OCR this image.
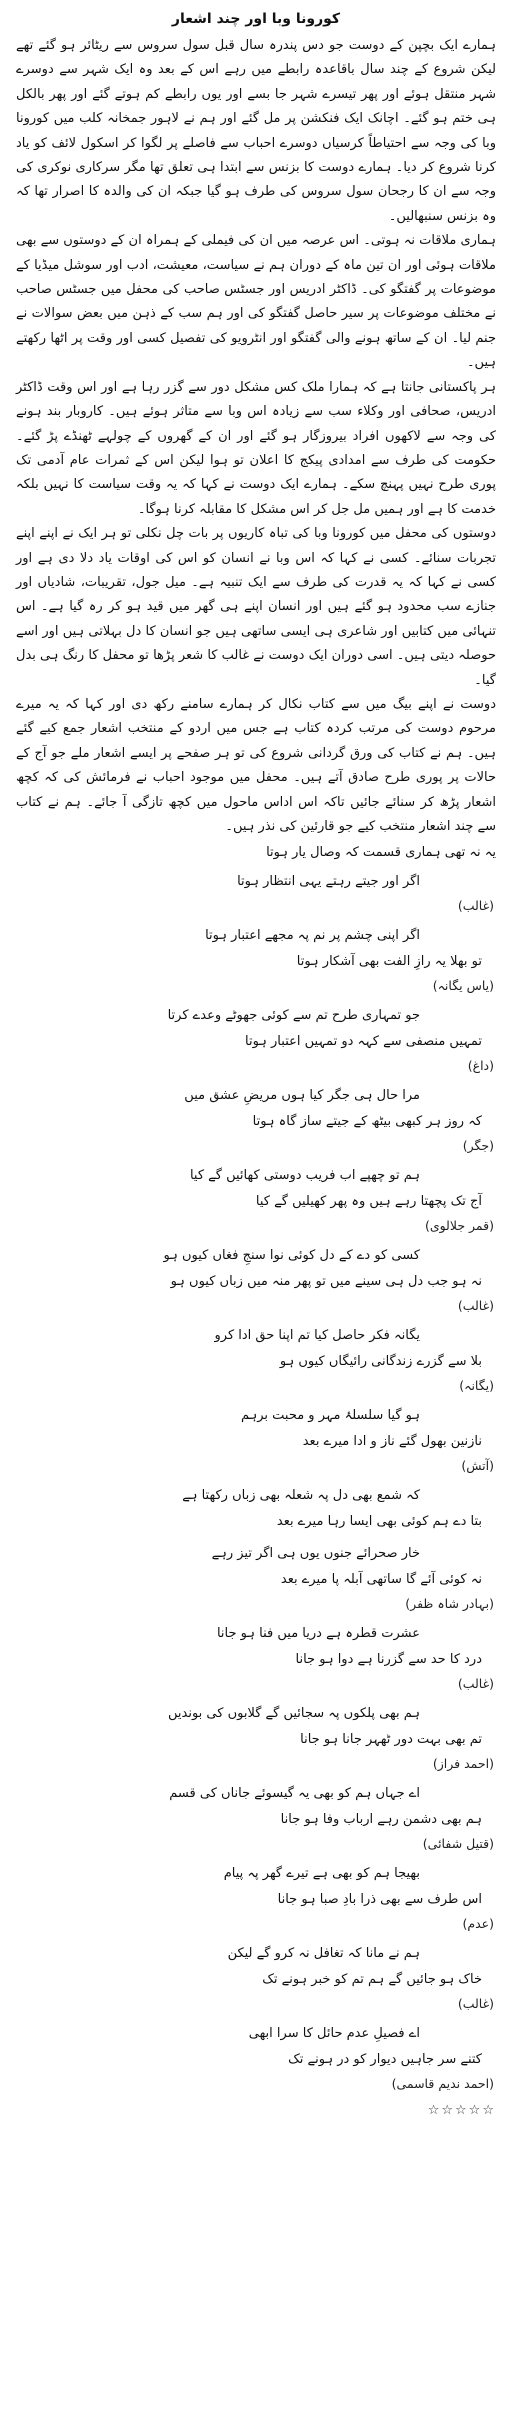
کورونا وبا اور چند اشعار

ہمارے ایک بچپن کے دوست جو دس پندرہ سال قبل سول سروس سے ریٹائر ہو گئے تھے لیکن شروع کے چند سال باقاعدہ رابطے میں رہے اس کے بعد وہ ایک شہر سے دوسرے شہر منتقل ہوئے اور پھر تیسرے شہر جا بسے اور یوں رابطے کم ہوتے گئے اور پھر بالکل ہی ختم ہو گئے۔ اچانک ایک فنکشن پر مل گئے اور ہم نے لاہور جمخانہ کلب میں کورونا وبا کی وجہ سے احتیاطاً کرسیاں دوسرے احباب سے فاصلے پر لگوا کر اسکول لائف کو یاد کرنا شروع کر دیا۔ ہمارے دوست کا بزنس سے ابتدا ہی تعلق تھا مگر سرکاری نوکری کی وجہ سے ان کا رجحان سول سروس کی طرف ہو گیا جبکہ ان کی والدہ کا اصرار تھا کہ وہ بزنس سنبھالیں۔

ہماری ملاقات نہ ہوتی۔ اس عرصہ میں ان کی فیملی کے ہمراہ ان کے دوستوں سے بھی ملاقات ہوئی اور ان تین ماہ کے دوران ہم نے سیاست، معیشت، ادب اور سوشل میڈیا کے موضوعات پر گفتگو کی۔ ڈاکٹر ادریس اور جسٹس صاحب کی محفل میں جسٹس صاحب نے مختلف موضوعات پر سیر حاصل گفتگو کی اور ہم سب کے ذہن میں بعض سوالات نے جنم لیا۔ ان کے ساتھ ہونے والی گفتگو اور انٹرویو کی تفصیل کسی اور وقت پر اٹھا رکھتے ہیں۔

ہر پاکستانی جانتا ہے کہ ہمارا ملک کس مشکل دور سے گزر رہا ہے اور اس وقت ڈاکٹر ادریس، صحافی اور وکلاء سب سے زیادہ اس وبا سے متاثر ہوئے ہیں۔ کاروبار بند ہونے کی وجہ سے لاکھوں افراد بیروزگار ہو گئے اور ان کے گھروں کے چولہے ٹھنڈے پڑ گئے۔ حکومت کی طرف سے امدادی پیکج کا اعلان تو ہوا لیکن اس کے ثمرات عام آدمی تک پوری طرح نہیں پہنچ سکے۔ ہمارے ایک دوست نے کہا کہ یہ وقت سیاست کا نہیں بلکہ خدمت کا ہے اور ہمیں مل جل کر اس مشکل کا مقابلہ کرنا ہوگا۔

دوستوں کی محفل میں کورونا وبا کی تباہ کاریوں پر بات چل نکلی تو ہر ایک نے اپنے اپنے تجربات سنائے۔ کسی نے کہا کہ اس وبا نے انسان کو اس کی اوقات یاد دلا دی ہے اور کسی نے کہا کہ یہ قدرت کی طرف سے ایک تنبیہ ہے۔ میل جول، تقریبات، شادیاں اور جنازے سب محدود ہو گئے ہیں اور انسان اپنے ہی گھر میں قید ہو کر رہ گیا ہے۔ اس تنہائی میں کتابیں اور شاعری ہی ایسی ساتھی ہیں جو انسان کا دل بہلاتی ہیں اور اسے حوصلہ دیتی ہیں۔ اسی دوران ایک دوست نے غالب کا شعر پڑھا تو محفل کا رنگ ہی بدل گیا۔

دوست نے اپنے بیگ میں سے کتاب نکال کر ہمارے سامنے رکھ دی اور کہا کہ یہ میرے مرحوم دوست کی مرتب کردہ کتاب ہے جس میں اردو کے منتخب اشعار جمع کیے گئے ہیں۔ ہم نے کتاب کی ورق گردانی شروع کی تو ہر صفحے پر ایسے اشعار ملے جو آج کے حالات پر پوری طرح صادق آتے ہیں۔ محفل میں موجود احباب نے فرمائش کی کہ کچھ اشعار پڑھ کر سنائے جائیں تاکہ اس اداس ماحول میں کچھ تازگی آ جائے۔ ہم نے کتاب سے چند اشعار منتخب کیے جو قارئین کی نذر ہیں۔

یہ نہ تھی ہماری قسمت کہ وصال یار ہوتا
اگر اور جیتے رہتے یہی انتظار ہوتا
(غالب)
اگر اپنی چشم پر نم پہ مجھے اعتبار ہوتا
تو بھلا یہ رازِ الفت بھی آشکار ہوتا
(یاس یگانہ)
جو تمہاری طرح تم سے کوئی جھوٹے وعدے کرتا
تمہیں منصفی سے کہہ دو تمہیں اعتبار ہوتا
(داغ)
مرا حال ہی جگر کیا ہوں مریضِ عشق میں
کہ روز ہر کبھی بیٹھ کے جیتے ساز گاہ ہوتا
(جگر)
ہم تو چھپے اب فریب دوستی کھائیں گے کیا
آج تک پچھتا رہے ہیں وہ پھر کھیلیں گے کیا
(قمر جلالوی)
کسی کو دے کے دل کوئی نوا سنجِ فغاں کیوں ہو
نہ ہو جب دل ہی سینے میں تو پھر منہ میں زباں کیوں ہو
(غالب)
یگانہ فکر حاصل کیا تم اپنا حق ادا کرو
بلا سے گزرے زندگانی رائیگاں کیوں ہو
(یگانہ)
ہو گیا سلسلۂ مہر و محبت برہم
نازنین بھول گئے ناز و ادا میرے بعد
(آتش)
کہ شمع بھی دل پہ شعلہ بھی زباں رکھتا ہے
بتا دے ہم کوئی بھی ایسا رہا میرے بعد
خار صحرائے جنوں یوں ہی اگر تیز رہے
نہ کوئی آئے گا ساتھی آبلہ پا میرے بعد
(بہادر شاہ ظفر)
عشرت قطرہ ہے دریا میں فنا ہو جانا
درد کا حد سے گزرنا ہے دوا ہو جانا
(غالب)
ہم بھی پلکوں پہ سجائیں گے گلابوں کی بوندیں
تم بھی بہت دور ٹھہر جانا ہو جانا
(احمد فراز)
اے جہاں ہم کو بھی یہ گیسوئے جاناں کی قسم
ہم بھی دشمن رہے ارباب وفا ہو جانا
(قتیل شفائی)
بھیجا ہم کو بھی ہے تیرے گھر پہ پیام
اس طرف سے بھی ذرا بادِ صبا ہو جانا
(عدم)
ہم نے مانا کہ تغافل نہ کرو گے لیکن
خاک ہو جائیں گے ہم تم کو خبر ہونے تک
(غالب)
اے فصیلِ عدم حائل کا سرا ابھی
کتنے سر جاہیں دیوار کو در ہونے تک
(احمد ندیم قاسمی)
☆☆☆☆☆
